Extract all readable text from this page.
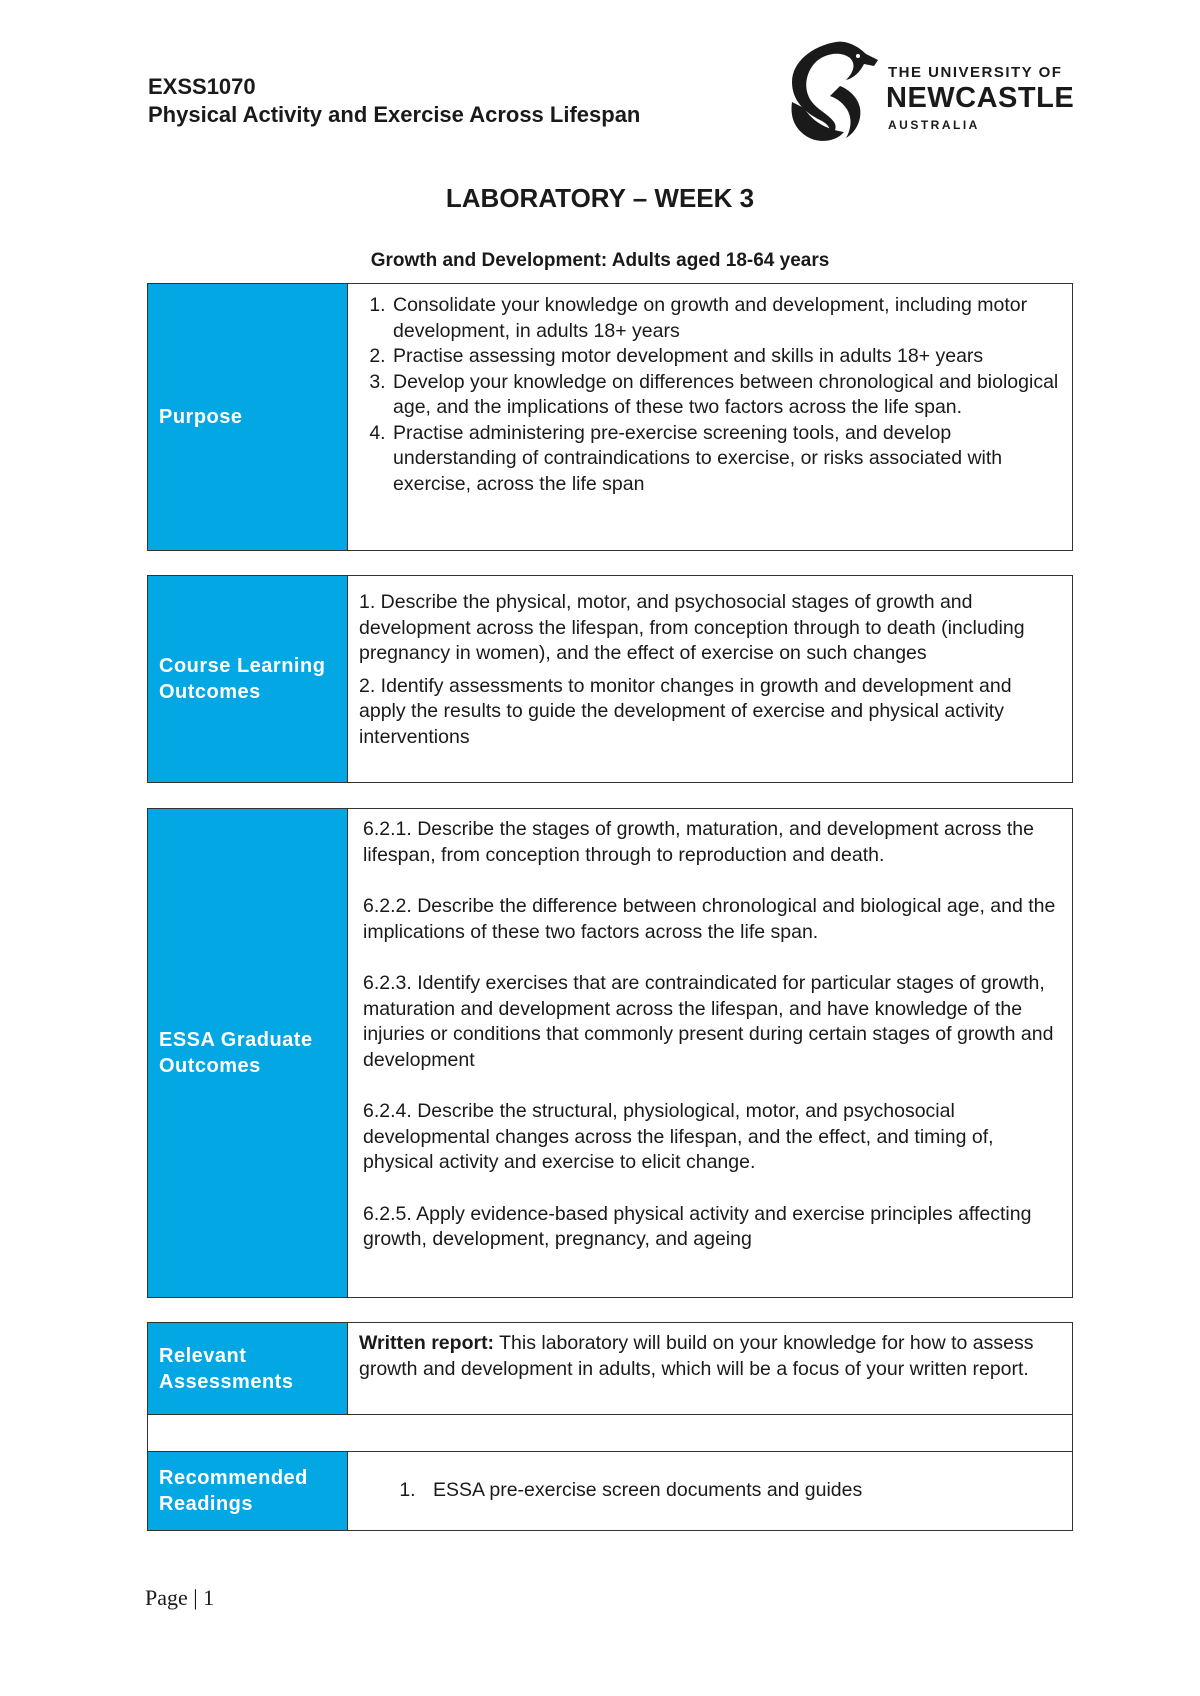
EXSS1070
Physical Activity and Exercise Across Lifespan
THE UNIVERSITY OF
NEWCASTLE
AUSTRALIA
LABORATORY – WEEK 3
Growth and Development: Adults aged 18-64 years
Purpose
1. Consolidate your knowledge on growth and development, including motor development, in adults 18+ years
2. Practise assessing motor development and skills in adults 18+ years
3. Develop your knowledge on differences between chronological and biological age, and the implications of these two factors across the life span.
4. Practise administering pre-exercise screening tools, and develop understanding of contraindications to exercise, or risks associated with exercise, across the life span
Course Learning Outcomes

1. Describe the physical, motor, and psychosocial stages of growth and development across the lifespan, from conception through to death (including pregnancy in women), and the effect of exercise on such changes

2. Identify assessments to monitor changes in growth and development and apply the results to guide the development of exercise and physical activity interventions

ESSA Graduate Outcomes

6.2.1. Describe the stages of growth, maturation, and development across the lifespan, from conception through to reproduction and death.

6.2.2. Describe the difference between chronological and biological age, and the implications of these two factors across the life span.

6.2.3. Identify exercises that are contraindicated for particular stages of growth, maturation and development across the lifespan, and have knowledge of the injuries or conditions that commonly present during certain stages of growth and development

6.2.4. Describe the structural, physiological, motor, and psychosocial developmental changes across the lifespan, and the effect, and timing of, physical activity and exercise to elicit change.

6.2.5. Apply evidence-based physical activity and exercise principles affecting growth, development, pregnancy, and ageing

Relevant Assessments

Written report: This laboratory will build on your knowledge for how to assess growth and development in adults, which will be a focus of your written report.

Recommended Readings
1. ESSA pre-exercise screen documents and guides
Page | 1
